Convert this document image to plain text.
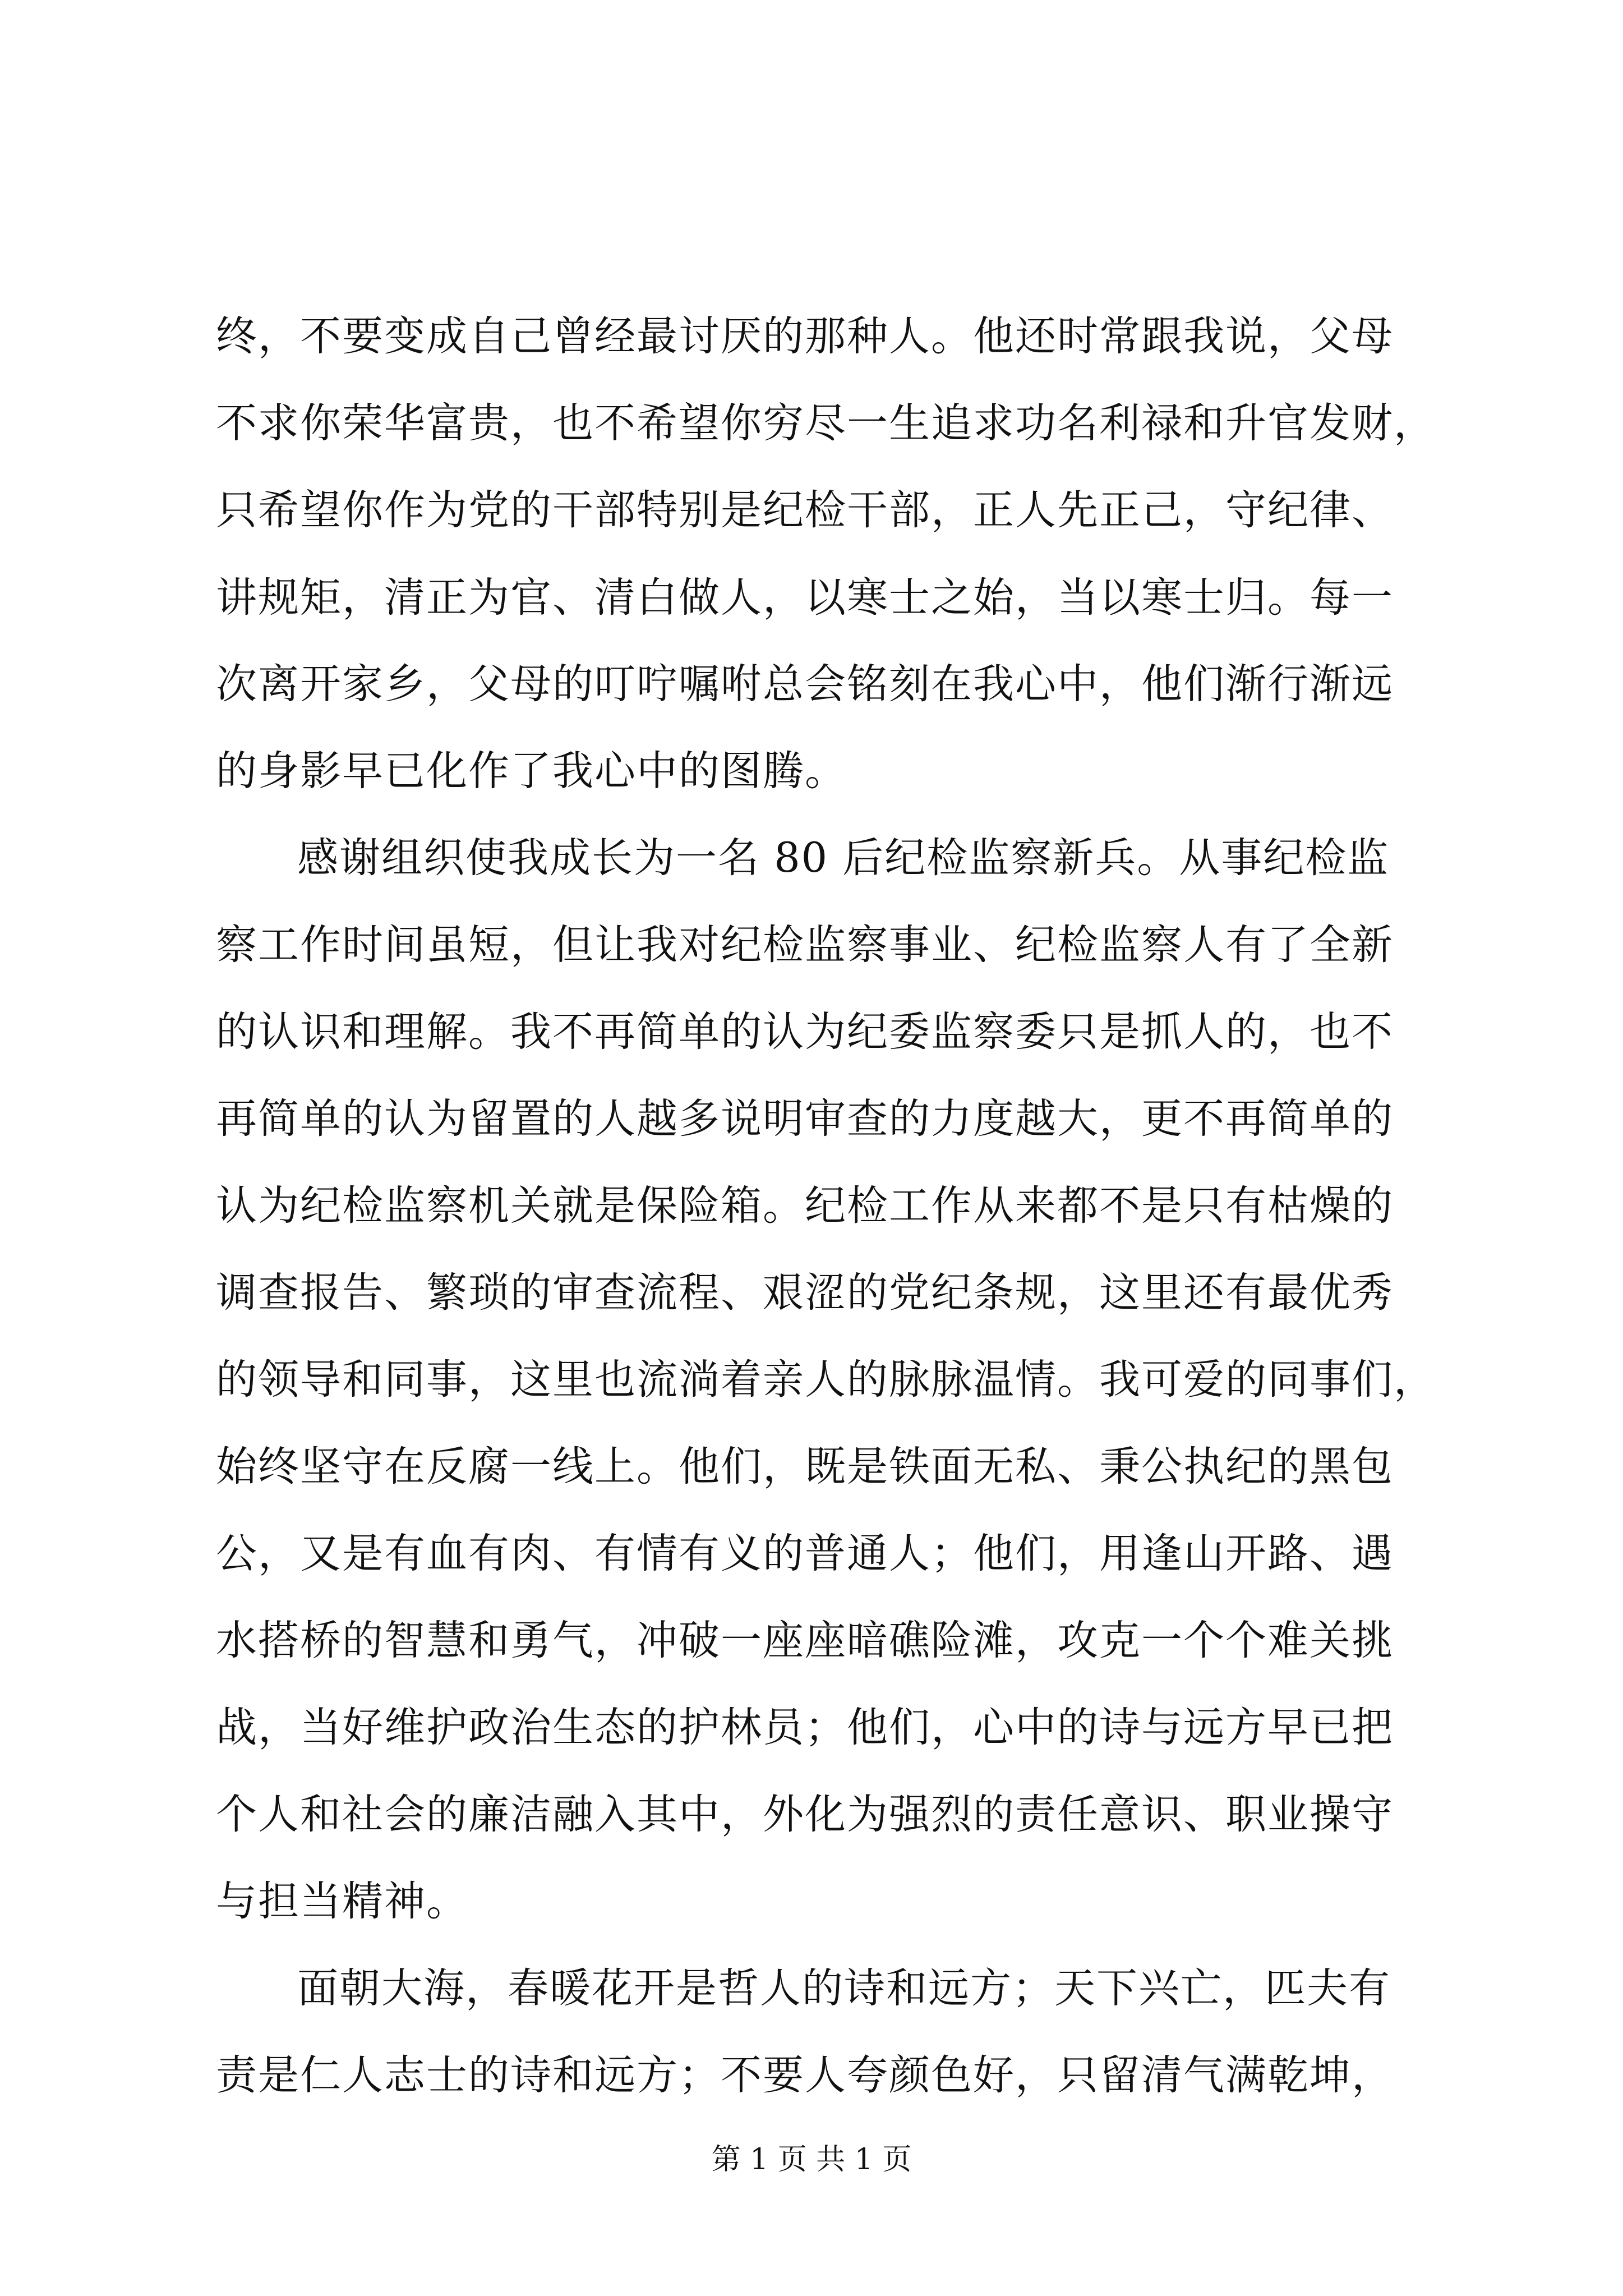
终，不要变成自己曾经最讨厌的那种人。他还时常跟我说，父母
不求你荣华富贵，也不希望你穷尽一生追求功名利禄和升官发财，
只希望你作为党的干部特别是纪检干部，正人先正己，守纪律、
讲规矩，清正为官、清白做人，以寒士之始，当以寒士归。每一
次离开家乡，父母的叮咛嘱咐总会铭刻在我心中，他们渐行渐远
的身影早已化作了我心中的图腾。
感谢组织使我成长为一名 80 后纪检监察新兵。从事纪检监
察工作时间虽短，但让我对纪检监察事业、纪检监察人有了全新
的认识和理解。我不再简单的认为纪委监察委只是抓人的，也不
再简单的认为留置的人越多说明审查的力度越大，更不再简单的
认为纪检监察机关就是保险箱。纪检工作从来都不是只有枯燥的
调查报告、繁琐的审查流程、艰涩的党纪条规，这里还有最优秀
的领导和同事，这里也流淌着亲人的脉脉温情。我可爱的同事们，
始终坚守在反腐一线上。他们，既是铁面无私、秉公执纪的黑包
公，又是有血有肉、有情有义的普通人；他们，用逢山开路、遇
水搭桥的智慧和勇气，冲破一座座暗礁险滩，攻克一个个难关挑
战，当好维护政治生态的护林员；他们，心中的诗与远方早已把
个人和社会的廉洁融入其中，外化为强烈的责任意识、职业操守
与担当精神。
面朝大海，春暖花开是哲人的诗和远方；天下兴亡，匹夫有
责是仁人志士的诗和远方；不要人夸颜色好，只留清气满乾坤，
第 1 页 共 1 页
